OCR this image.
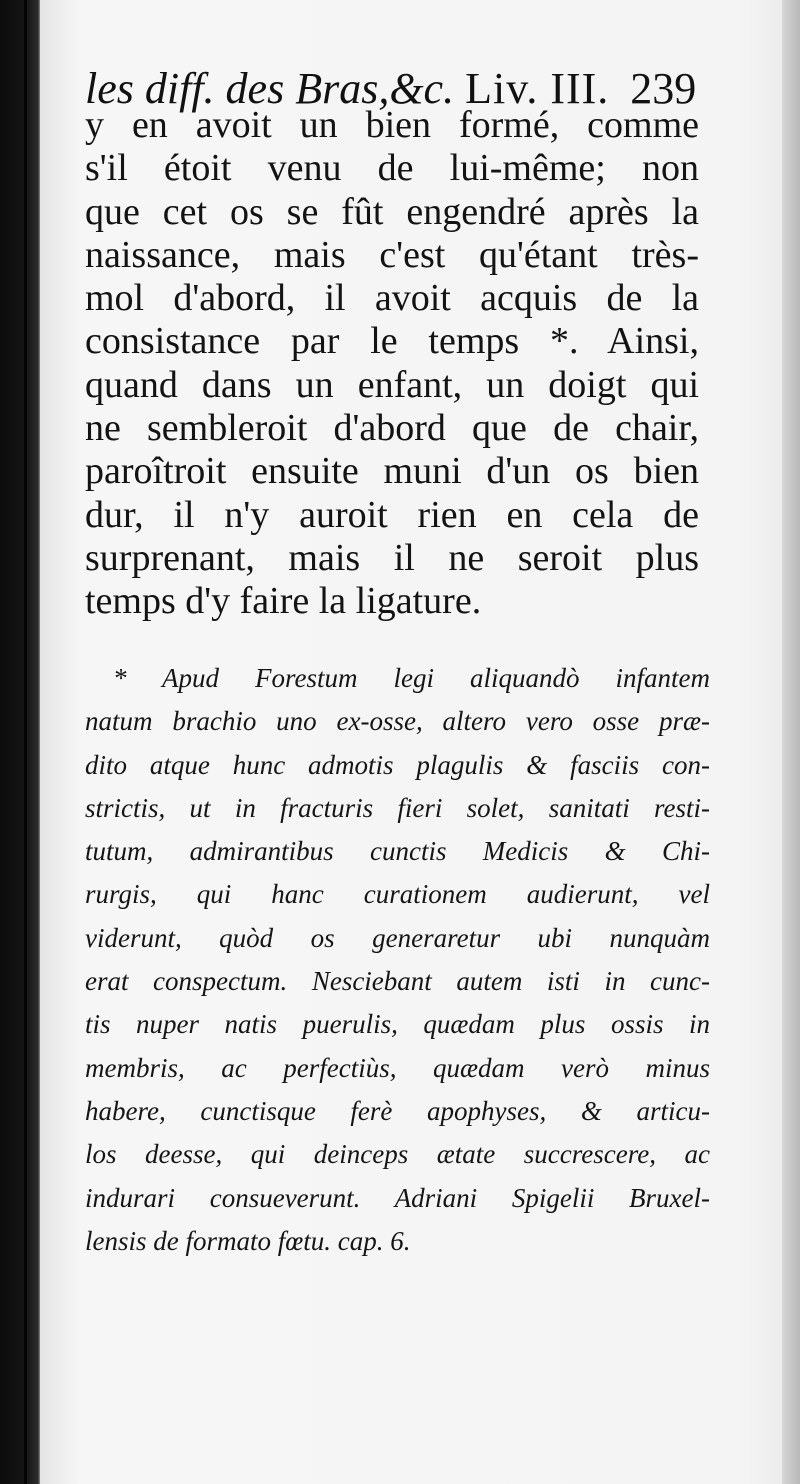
les diff. des Bras,&c. Liv. III. 239
y en avoit un bien formé, comme
s'il étoit venu de lui-même; non
que cet os se fût engendré après la
naissance, mais c'est qu'étant très-
mol d'abord, il avoit acquis de la
consistance par le temps *. Ainsi,
quand dans un enfant, un doigt qui
ne sembleroit d'abord que de chair,
paroîtroit ensuite muni d'un os bien
dur, il n'y auroit rien en cela de
surprenant, mais il ne seroit plus
temps d'y faire la ligature.
* Apud Forestum legi aliquandò infantem
natum brachio uno ex-osse, altero vero osse præ-
dito atque hunc admotis plagulis & fasciis con-
strictis, ut in fracturis fieri solet, sanitati resti-
tutum, admirantibus cunctis Medicis & Chi-
rurgis, qui hanc curationem audierunt, vel
viderunt, quòd os generaretur ubi nunquàm
erat conspectum. Nesciebant autem isti in cunc-
tis nuper natis puerulis, quædam plus ossis in
membris, ac perfectiùs, quædam verò minus
habere, cunctisque ferè apophyses, & articu-
los deesse, qui deinceps ætate succrescere, ac
indurari consueverunt. Adriani Spigelii Bruxel-
lensis de formato fœtu. cap. 6.
